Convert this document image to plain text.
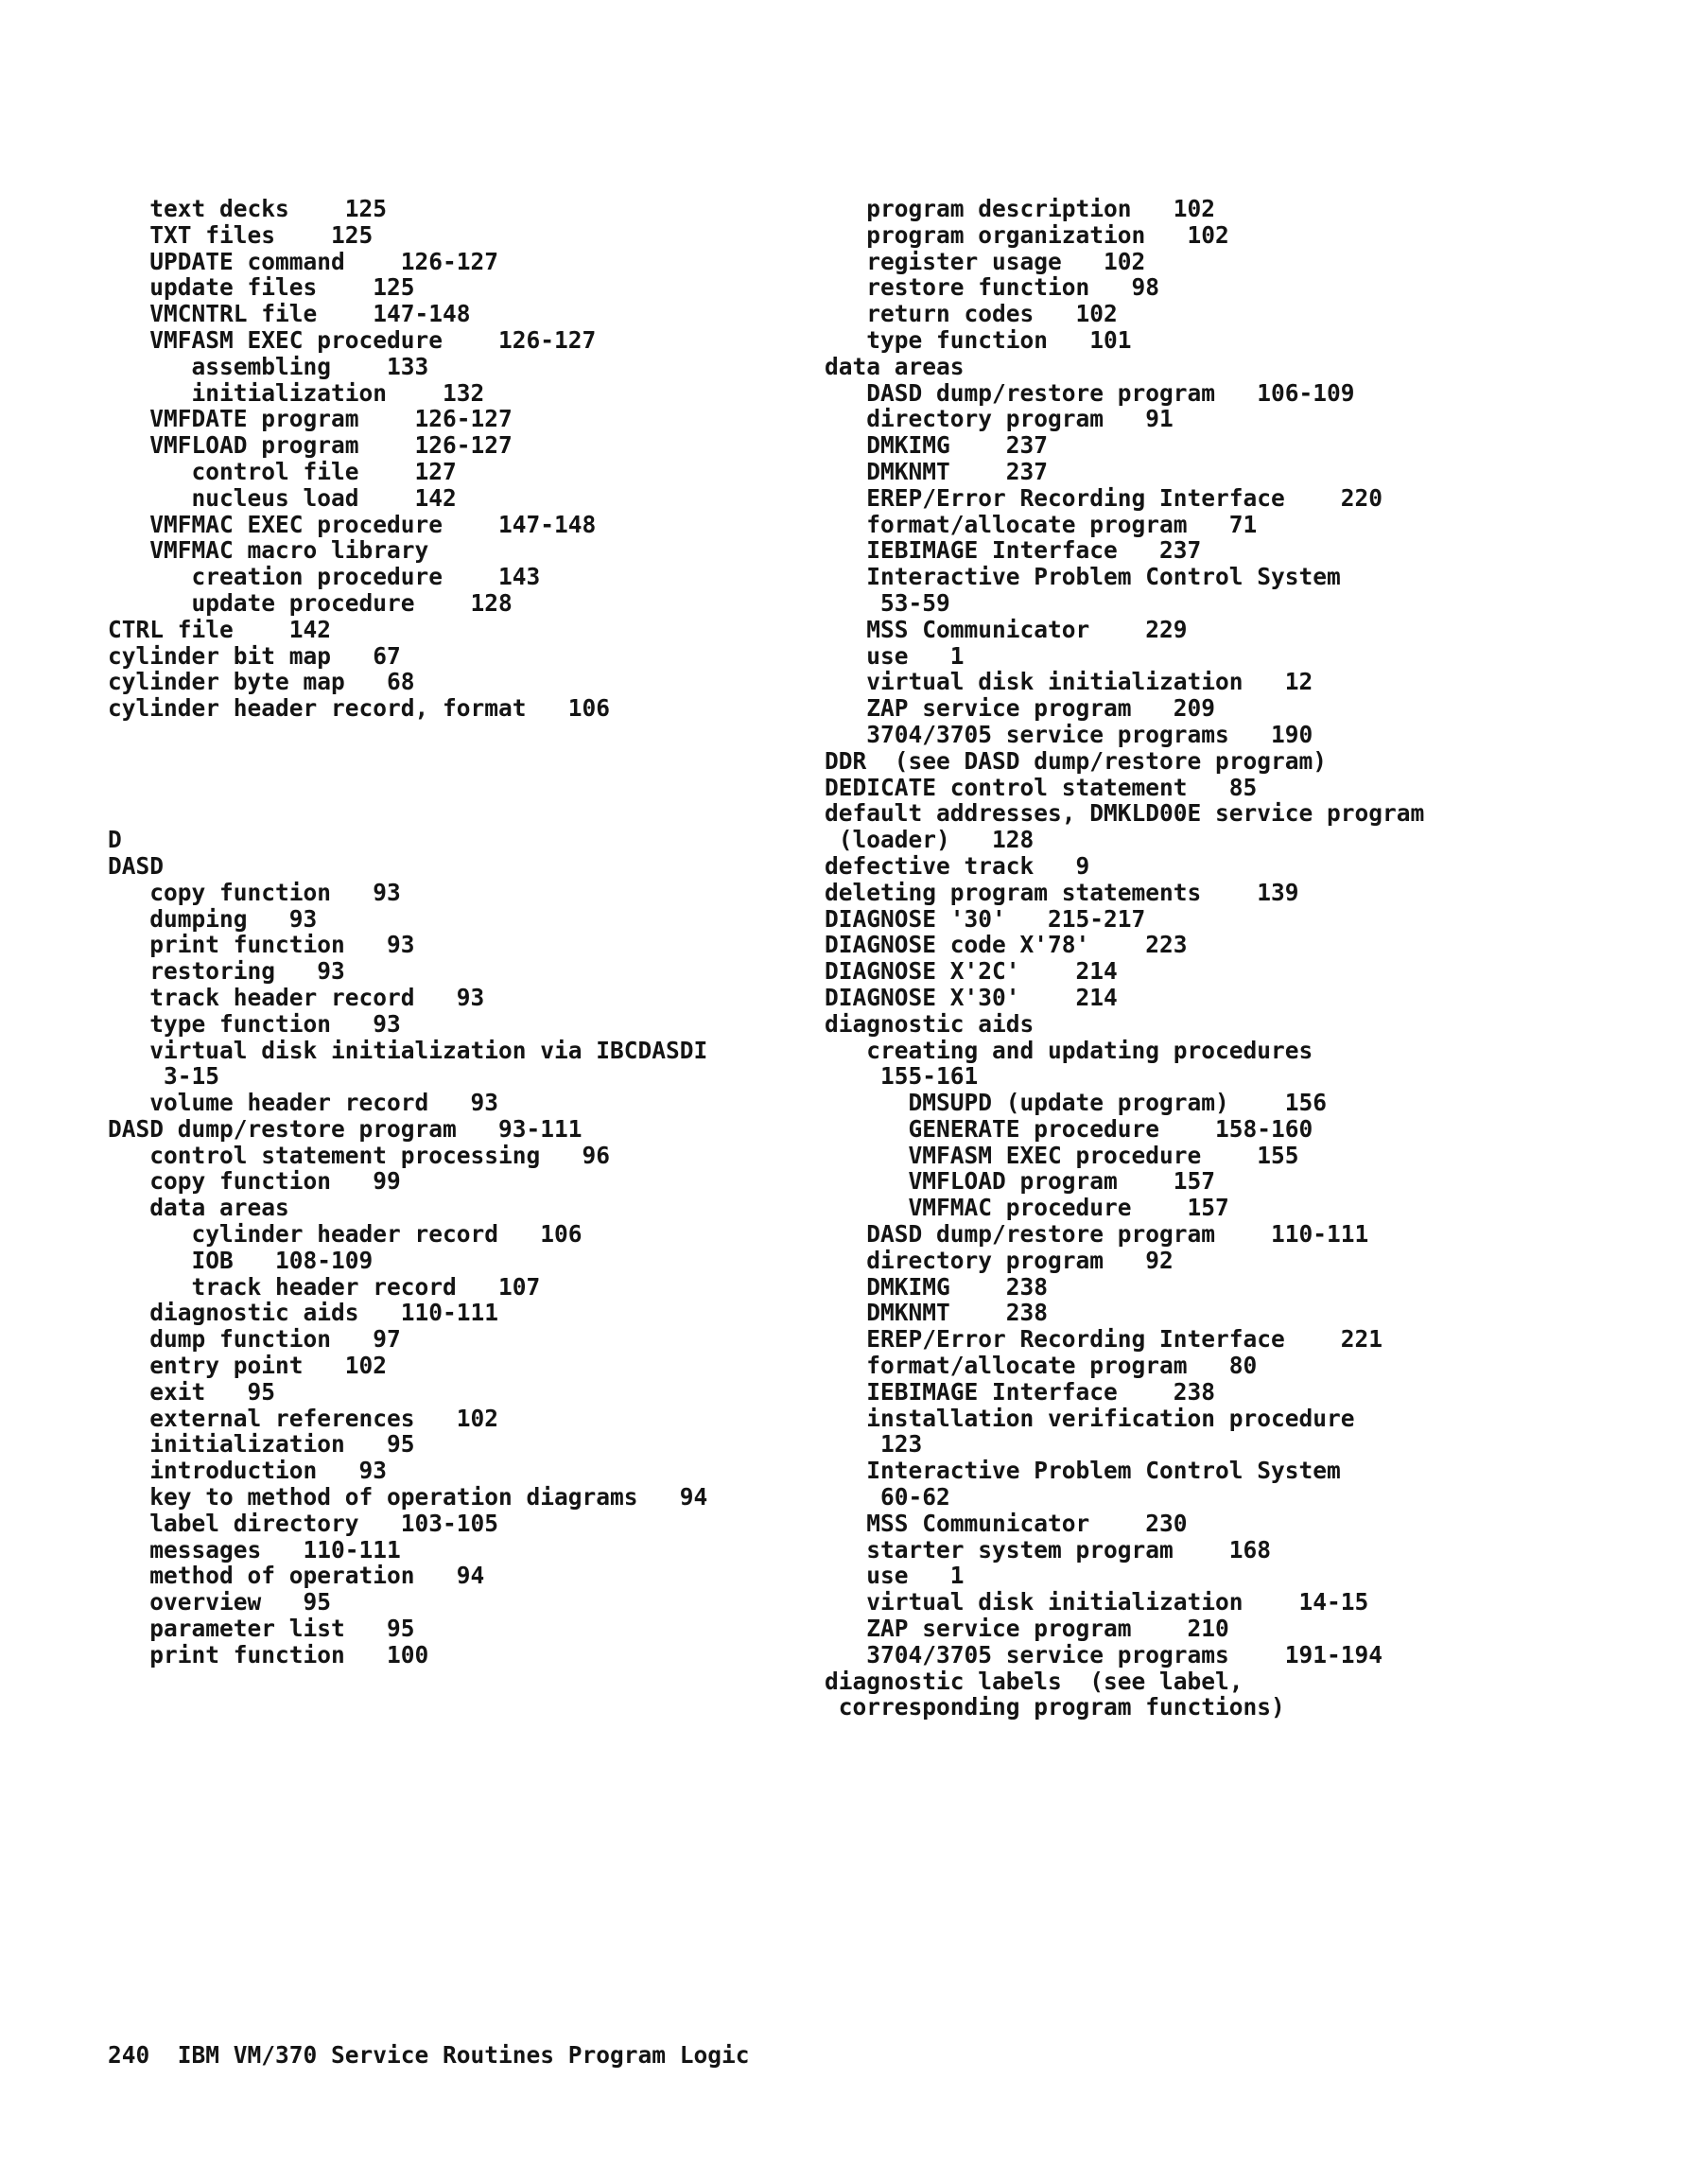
text decks    125
TXT files    125
UPDATE command    126-127
update files    125
VMCNTRL file    147-148
VMFASM EXEC procedure    126-127
assembling    133
initialization    132
VMFDATE program    126-127
VMFLOAD program    126-127
control file    127
nucleus load    142
VMFMAC EXEC procedure    147-148
VMFMAC macro library
creation procedure    143
update procedure    128
CTRL file    142
cylinder bit map   67
cylinder byte map   68
cylinder header record, format   106
D
DASD
copy function   93
dumping   93
print function   93
restoring   93
track header record   93
type function   93
virtual disk initialization via IBCDASDI
3-15
volume header record   93
DASD dump/restore program   93-111
control statement processing   96
copy function   99
data areas
cylinder header record   106
IOB   108-109
track header record   107
diagnostic aids   110-111
dump function   97
entry point   102
exit   95
external references   102
initialization   95
introduction   93
key to method of operation diagrams   94
label directory   103-105
messages   110-111
method of operation   94
overview   95
parameter list   95
print function   100
program description   102
program organization   102
register usage   102
restore function   98
return codes   102
type function   101
data areas
DASD dump/restore program   106-109
directory program   91
DMKIMG    237
DMKNMT    237
EREP/Error Recording Interface    220
format/allocate program   71
IEBIMAGE Interface   237
Interactive Problem Control System
53-59
MSS Communicator    229
use   1
virtual disk initialization   12
ZAP service program   209
3704/3705 service programs   190
DDR  (see DASD dump/restore program)
DEDICATE control statement   85
default addresses, DMKLD00E service program
(loader)   128
defective track   9
deleting program statements    139
DIAGNOSE '30'   215-217
DIAGNOSE code X'78'    223
DIAGNOSE X'2C'    214
DIAGNOSE X'30'    214
diagnostic aids
creating and updating procedures
155-161
DMSUPD (update program)    156
GENERATE procedure    158-160
VMFASM EXEC procedure    155
VMFLOAD program    157
VMFMAC procedure    157
DASD dump/restore program    110-111
directory program   92
DMKIMG    238
DMKNMT    238
EREP/Error Recording Interface    221
format/allocate program   80
IEBIMAGE Interface    238
installation verification procedure
123
Interactive Problem Control System
60-62
MSS Communicator    230
starter system program    168
use   1
virtual disk initialization    14-15
ZAP service program    210
3704/3705 service programs    191-194
diagnostic labels  (see label,
corresponding program functions)
240  IBM VM/370 Service Routines Program Logic
